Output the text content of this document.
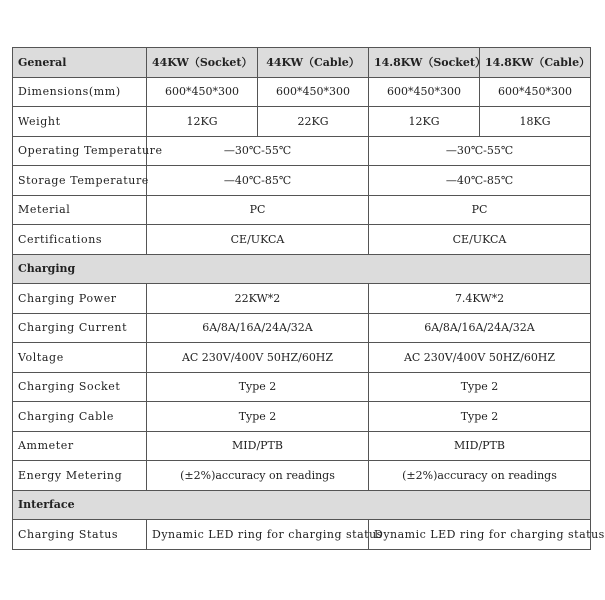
General	44KW（Socket）	44KW（Cable）	14.8KW（Socket）	14.8KW（Cable）
Dimensions(mm)	600*450*300	600*450*300	600*450*300	600*450*300
Weight	12KG	22KG	12KG	18KG
Operating Temperature	—30℃-55℃		—30℃-55℃	
Storage Temperature	—40℃-85℃		—40℃-85℃	
Meterial	PC		PC	
Certifications	CE/UKCA		CE/UKCA	
Charging				
Charging Power	22KW*2		7.4KW*2	
Charging Current	6A/8A/16A/24A/32A		6A/8A/16A/24A/32A	
Voltage	AC 230V/400V 50HZ/60HZ		AC 230V/400V 50HZ/60HZ	
Charging Socket	Type 2		Type 2	
Charging Cable	Type 2		Type 2	
Ammeter	MID/PTB		MID/PTB	
Energy Metering	(±2%)accuracy on readings		(±2%)accuracy on readings	
Interface				
Charging Status	Dynamic LED ring for charging status		Dynamic LED ring for charging status	
